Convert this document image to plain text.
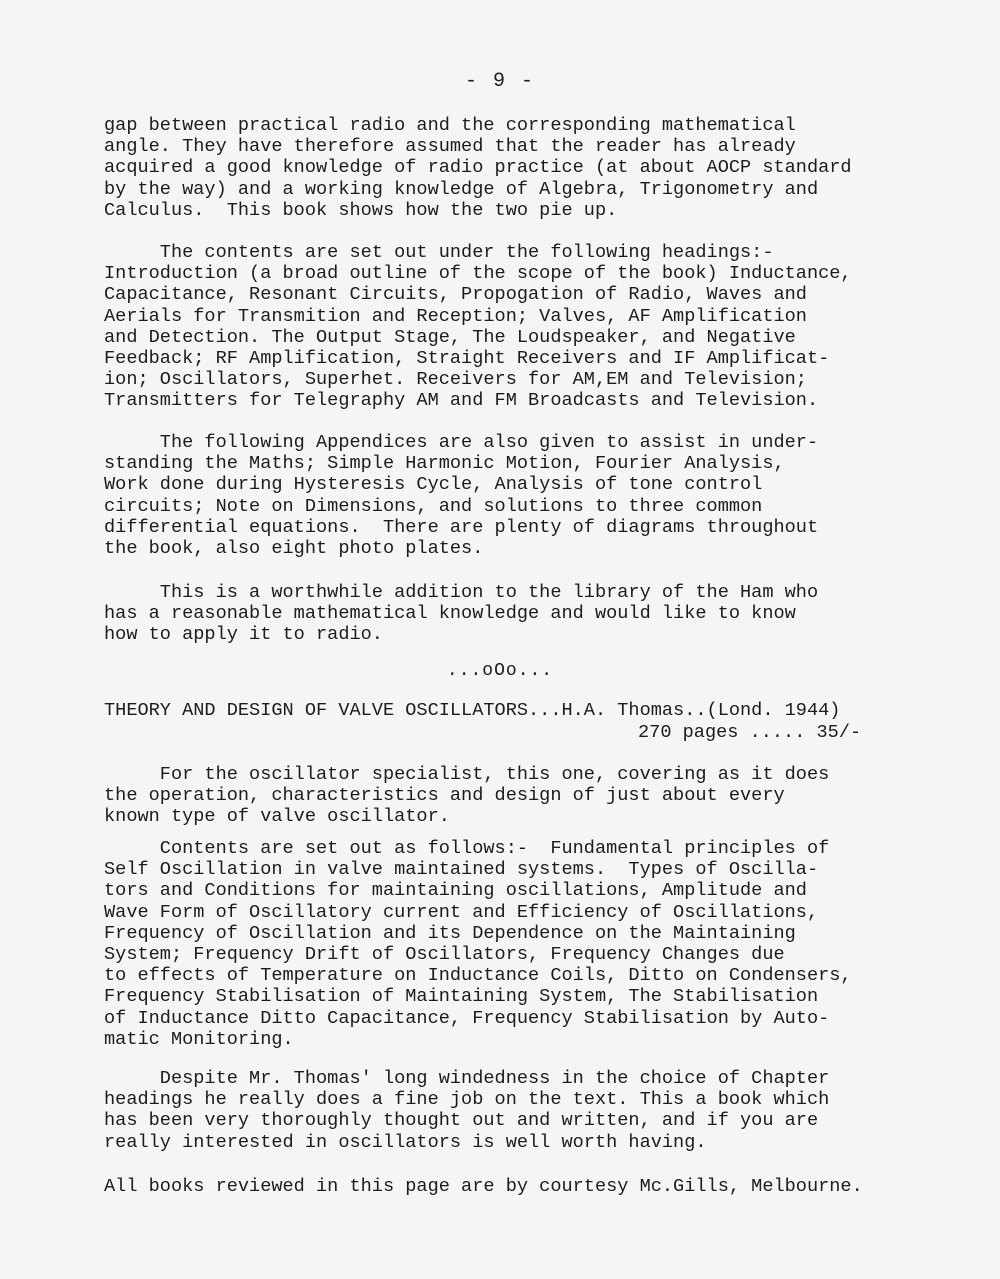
- 9 -
gap between practical radio and the corresponding mathematical
angle. They have therefore assumed that the reader has already
acquired a good knowledge of radio practice (at about AOCP standard
by the way) and a working knowledge of Algebra, Trigonometry and
Calculus.  This book shows how the two pie up.
The contents are set out under the following headings:-
Introduction (a broad outline of the scope of the book) Inductance,
Capacitance, Resonant Circuits, Propogation of Radio, Waves and
Aerials for Transmition and Reception; Valves, AF Amplification
and Detection. The Output Stage, The Loudspeaker, and Negative
Feedback; RF Amplification, Straight Receivers and IF Amplificat-
ion; Oscillators, Superhet. Receivers for AM,EM and Television;
Transmitters for Telegraphy AM and FM Broadcasts and Television.
The following Appendices are also given to assist in under-
standing the Maths; Simple Harmonic Motion, Fourier Analysis,
Work done during Hysteresis Cycle, Analysis of tone control
circuits; Note on Dimensions, and solutions to three common
differential equations.  There are plenty of diagrams throughout
the book, also eight photo plates.
This is a worthwhile addition to the library of the Ham who
has a reasonable mathematical knowledge and would like to know
how to apply it to radio.
...oOo...
THEORY AND DESIGN OF VALVE OSCILLATORS...H.A. Thomas..(Lond. 1944)
270 pages ..... 35/-
For the oscillator specialist, this one, covering as it does
the operation, characteristics and design of just about every
known type of valve oscillator.
Contents are set out as follows:-  Fundamental principles of
Self Oscillation in valve maintained systems.  Types of Oscilla-
tors and Conditions for maintaining oscillations, Amplitude and
Wave Form of Oscillatory current and Efficiency of Oscillations,
Frequency of Oscillation and its Dependence on the Maintaining
System; Frequency Drift of Oscillators, Frequency Changes due
to effects of Temperature on Inductance Coils, Ditto on Condensers,
Frequency Stabilisation of Maintaining System, The Stabilisation
of Inductance Ditto Capacitance, Frequency Stabilisation by Auto-
matic Monitoring.
Despite Mr. Thomas' long windedness in the choice of Chapter
headings he really does a fine job on the text. This a book which
has been very thoroughly thought out and written, and if you are
really interested in oscillators is well worth having.
All books reviewed in this page are by courtesy Mc.Gills, Melbourne.
